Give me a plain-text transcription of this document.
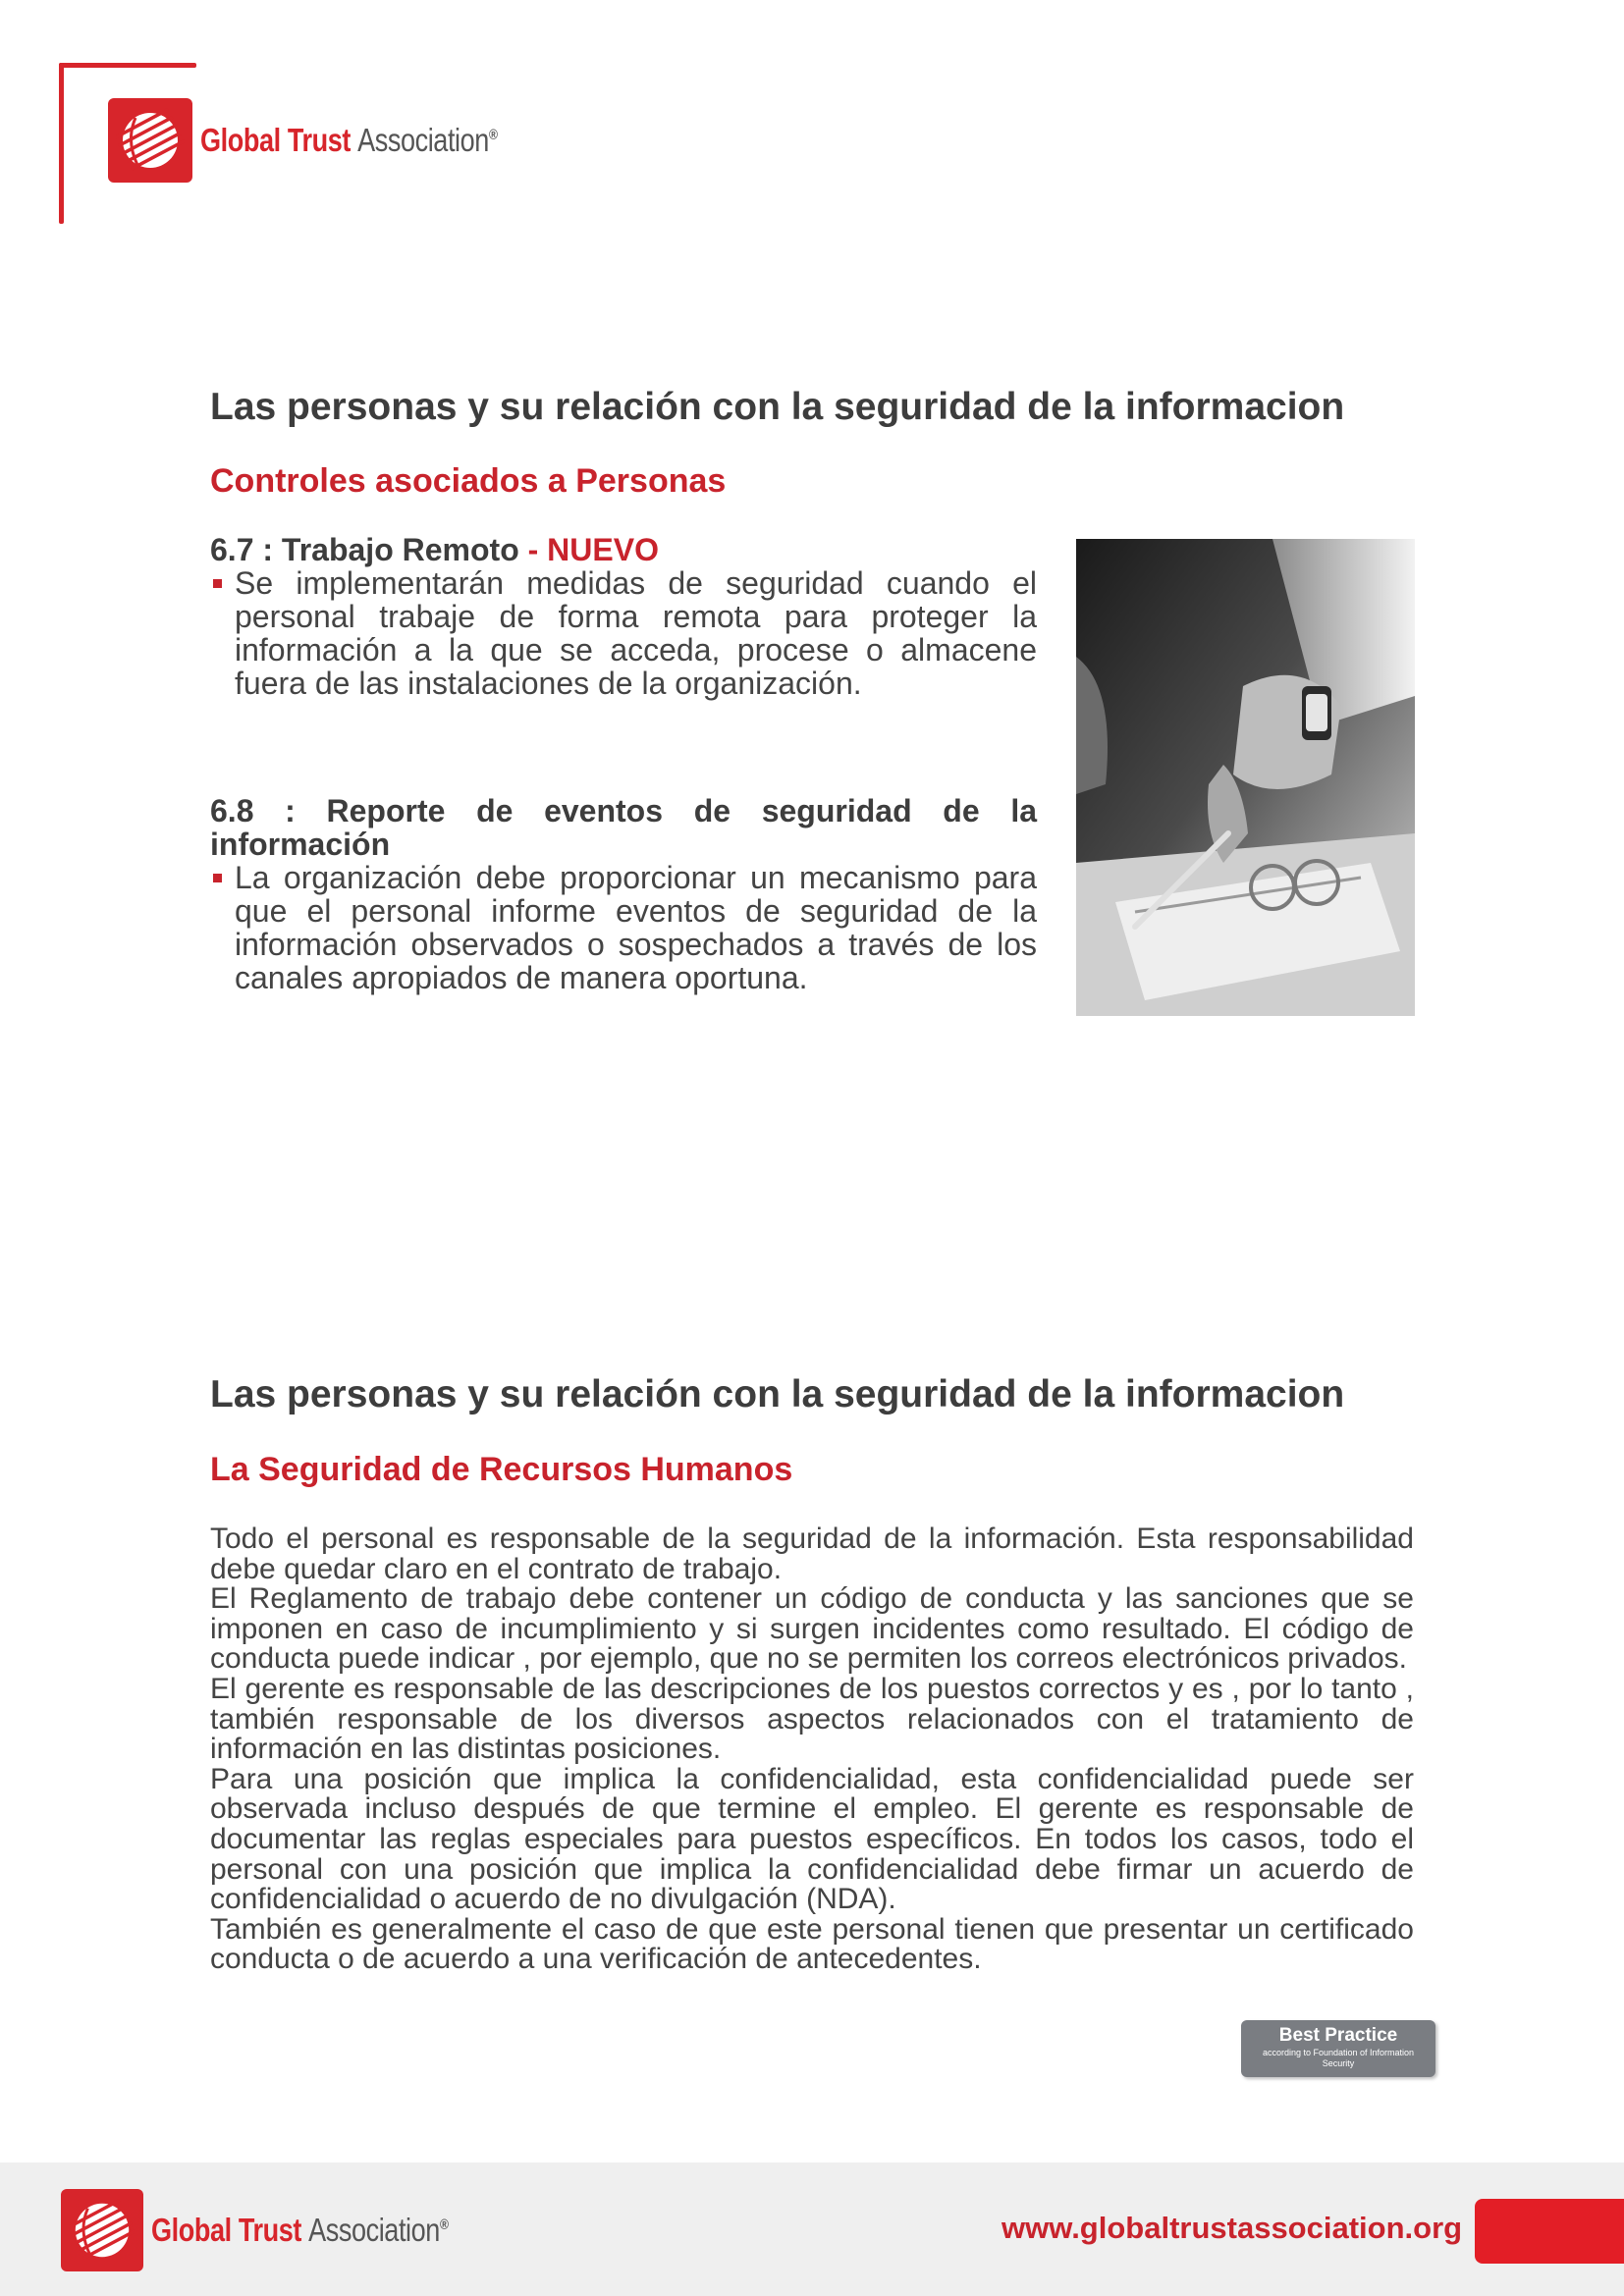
Global Trust Association®
Las personas y su relación con la seguridad de la informacion
Controles asociados a Personas
6.7 : Trabajo Remoto - NUEVO
Se implementarán medidas de seguridad cuando el personal trabaje de forma remota para proteger la información a la que se acceda, procese o almacene fuera de las instalaciones de la organización.
6.8 : Reporte de eventos de seguridad de la información
La organización debe proporcionar un mecanismo para que el personal informe eventos de seguridad de la información observados o sospechados a través de los canales apropiados de manera oportuna.
Las personas y su relación con la seguridad de la informacion
La Seguridad de Recursos Humanos

Todo el personal es responsable de la seguridad de la información. Esta responsabilidad debe quedar claro en el contrato de trabajo.

El Reglamento de trabajo debe contener un código de conducta y las sanciones que se imponen en caso de incumplimiento y si surgen incidentes como resultado. El código de conducta puede indicar , por ejemplo, que no se permiten los correos electrónicos privados.

El gerente es responsable de las descripciones de los puestos correctos y es , por lo tanto , también responsable de los diversos aspectos relacionados con el tratamiento de información en las distintas posiciones.

Para una posición que implica la confidencialidad, esta confidencialidad puede ser observada incluso después de que termine el empleo. El gerente es responsable de documentar las reglas especiales para puestos específicos. En todos los casos, todo el personal con una posición que implica la confidencialidad debe firmar un acuerdo de confidencialidad o acuerdo de no divulgación (NDA).

También es generalmente el caso de que este personal tienen que presentar un certificado conducta o de acuerdo a una verificación de antecedentes.

Best Practice
according to Foundation of Information Security
Global Trust Association®	www.globaltrustassociation.org
